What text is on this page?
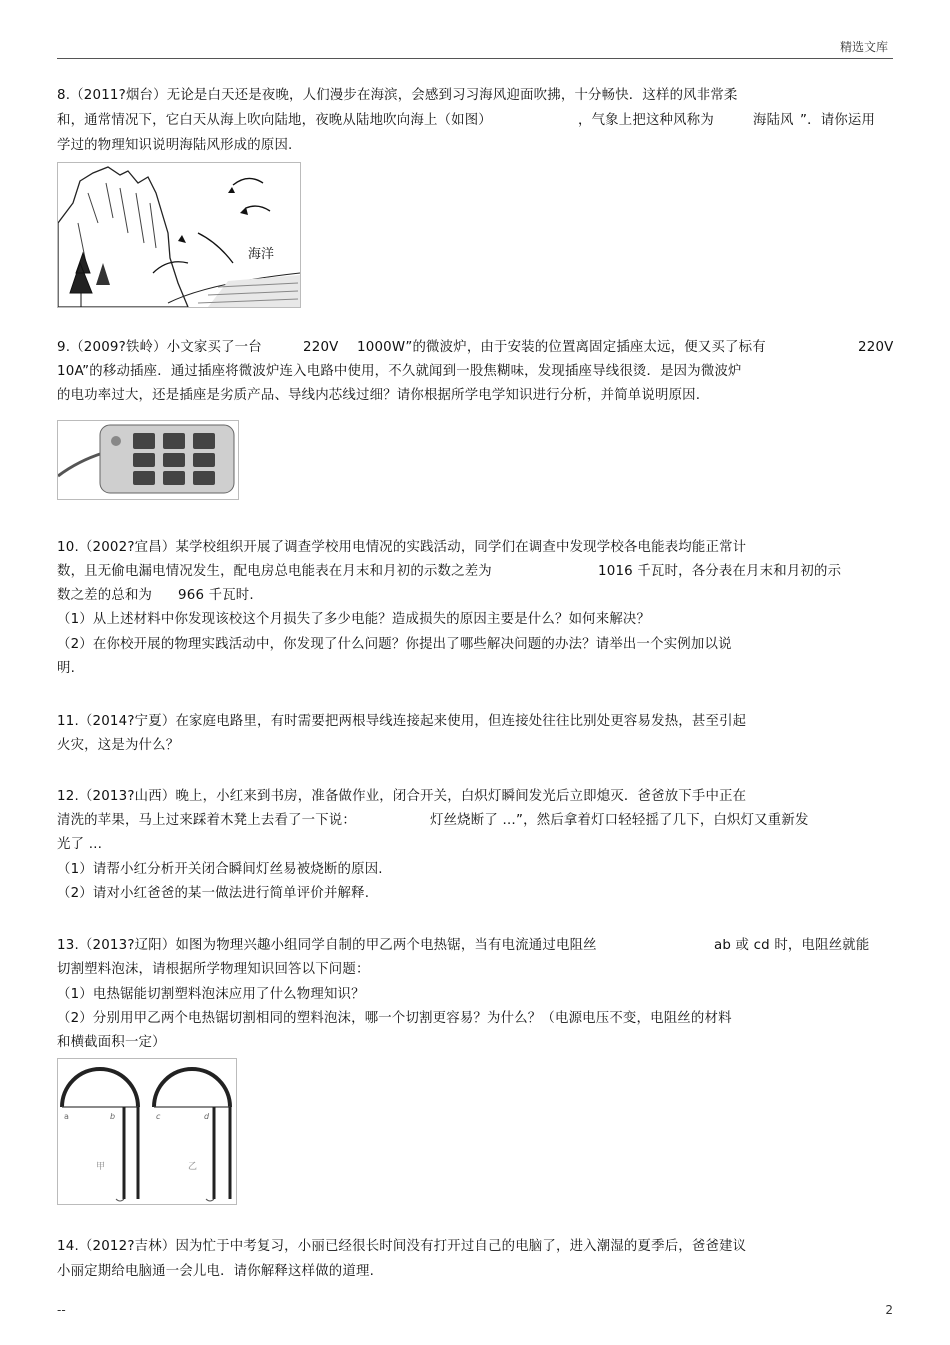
精选文库
8.（2011?烟台）无论是白天还是夜晚，人们漫步在海滨，会感到习习海风迎面吹拂，十分畅快．这样的风非常柔
和，通常情况下，它白天从海上吹向陆地，夜晚从陆地吹向海上（如图）	，气象上把这种风称为	海陆风 ”．请你运用
学过的物理知识说明海陆风形成的原因.
海洋
9.（2009?铁岭）小文家买了一台	220V 1000W”的微波炉，由于安装的位置离固定插座太远，便又买了标有	220V
10A”的移动插座．通过插座将微波炉连入电路中使用，不久就闻到一股焦糊味，发现插座导线很烫．是因为微波炉
的电功率过大，还是插座是劣质产品、导线内芯线过细？请你根据所学电学知识进行分析，并简单说明原因.
10.（2002?宜昌）某学校组织开展了调查学校用电情况的实践活动，同学们在调查中发现学校各电能表均能正常计
数，且无偷电漏电情况发生，配电房总电能表在月末和月初的示数之差为	1016 千瓦时，各分表在月末和月初的示
数之差的总和为 966 千瓦时.
（1）从上述材料中你发现该校这个月损失了多少电能？造成损失的原因主要是什么？如何来解决？
（2）在你校开展的物理实践活动中，你发现了什么问题？你提出了哪些解决问题的办法？请举出一个实例加以说
明.
11.（2014?宁夏）在家庭电路里，有时需要把两根导线连接起来使用，但连接处往往比别处更容易发热，甚至引起
火灾，这是为什么？
12.（2013?山西）晚上，小红来到书房，准备做作业，闭合开关，白炽灯瞬间发光后立即熄灭．爸爸放下手中正在
清洗的苹果，马上过来踩着木凳上去看了一下说：	灯丝烧断了 …”，然后拿着灯口轻轻摇了几下，白炽灯又重新发
光了 …
（1）请帮小红分析开关闭合瞬间灯丝易被烧断的原因.
（2）请对小红爸爸的某一做法进行简单评价并解释.
13.（2013?辽阳）如图为物理兴趣小组同学自制的甲乙两个电热锯，当有电流通过电阻丝	ab 或 cd 时，电阻丝就能
切割塑料泡沫，请根据所学物理知识回答以下问题：
（1）电热锯能切割塑料泡沫应用了什么物理知识？
（2）分别用甲乙两个电热锯切割相同的塑料泡沫，哪一个切割更容易？为什么？（电源电压不变，电阻丝的材料
和横截面积一定）
a	b	c	d
甲	乙
14.（2012?吉林）因为忙于中考复习，小丽已经很长时间没有打开过自己的电脑了，进入潮湿的夏季后，爸爸建议
小丽定期给电脑通一会儿电．请你解释这样做的道理.
--	2
